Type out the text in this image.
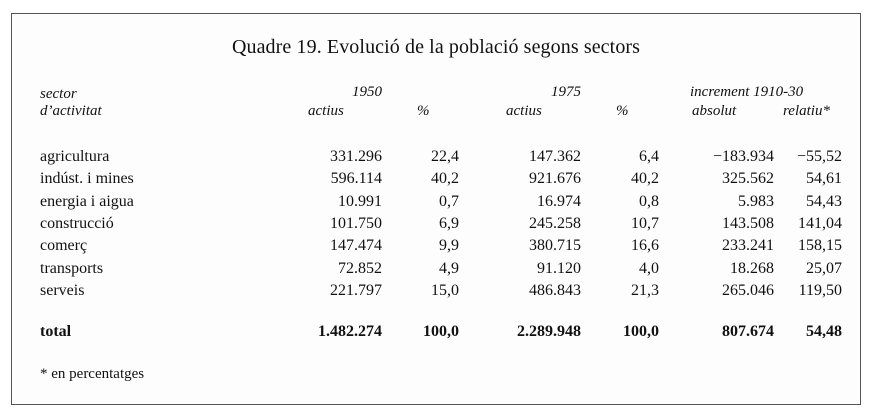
Quadre 19. Evolució de la població segons sectors
sector	1950	1975	increment 1910-30
d’activitat	actius	%	actius	%	absolut	relatiu*
agricultura	331.296	22,4	147.362	6,4	−183.934	−55,52
indúst. i mines	596.114	40,2	921.676	40,2	325.562	54,61
energia i aigua	10.991	0,7	16.974	0,8	5.983	54,43
construcció	101.750	6,9	245.258	10,7	143.508	141,04
comerç	147.474	9,9	380.715	16,6	233.241	158,15
transports	72.852	4,9	91.120	4,0	18.268	25,07
serveis	221.797	15,0	486.843	21,3	265.046	119,50
total	1.482.274	100,0	2.289.948	100,0	807.674	54,48
* en percentatges
